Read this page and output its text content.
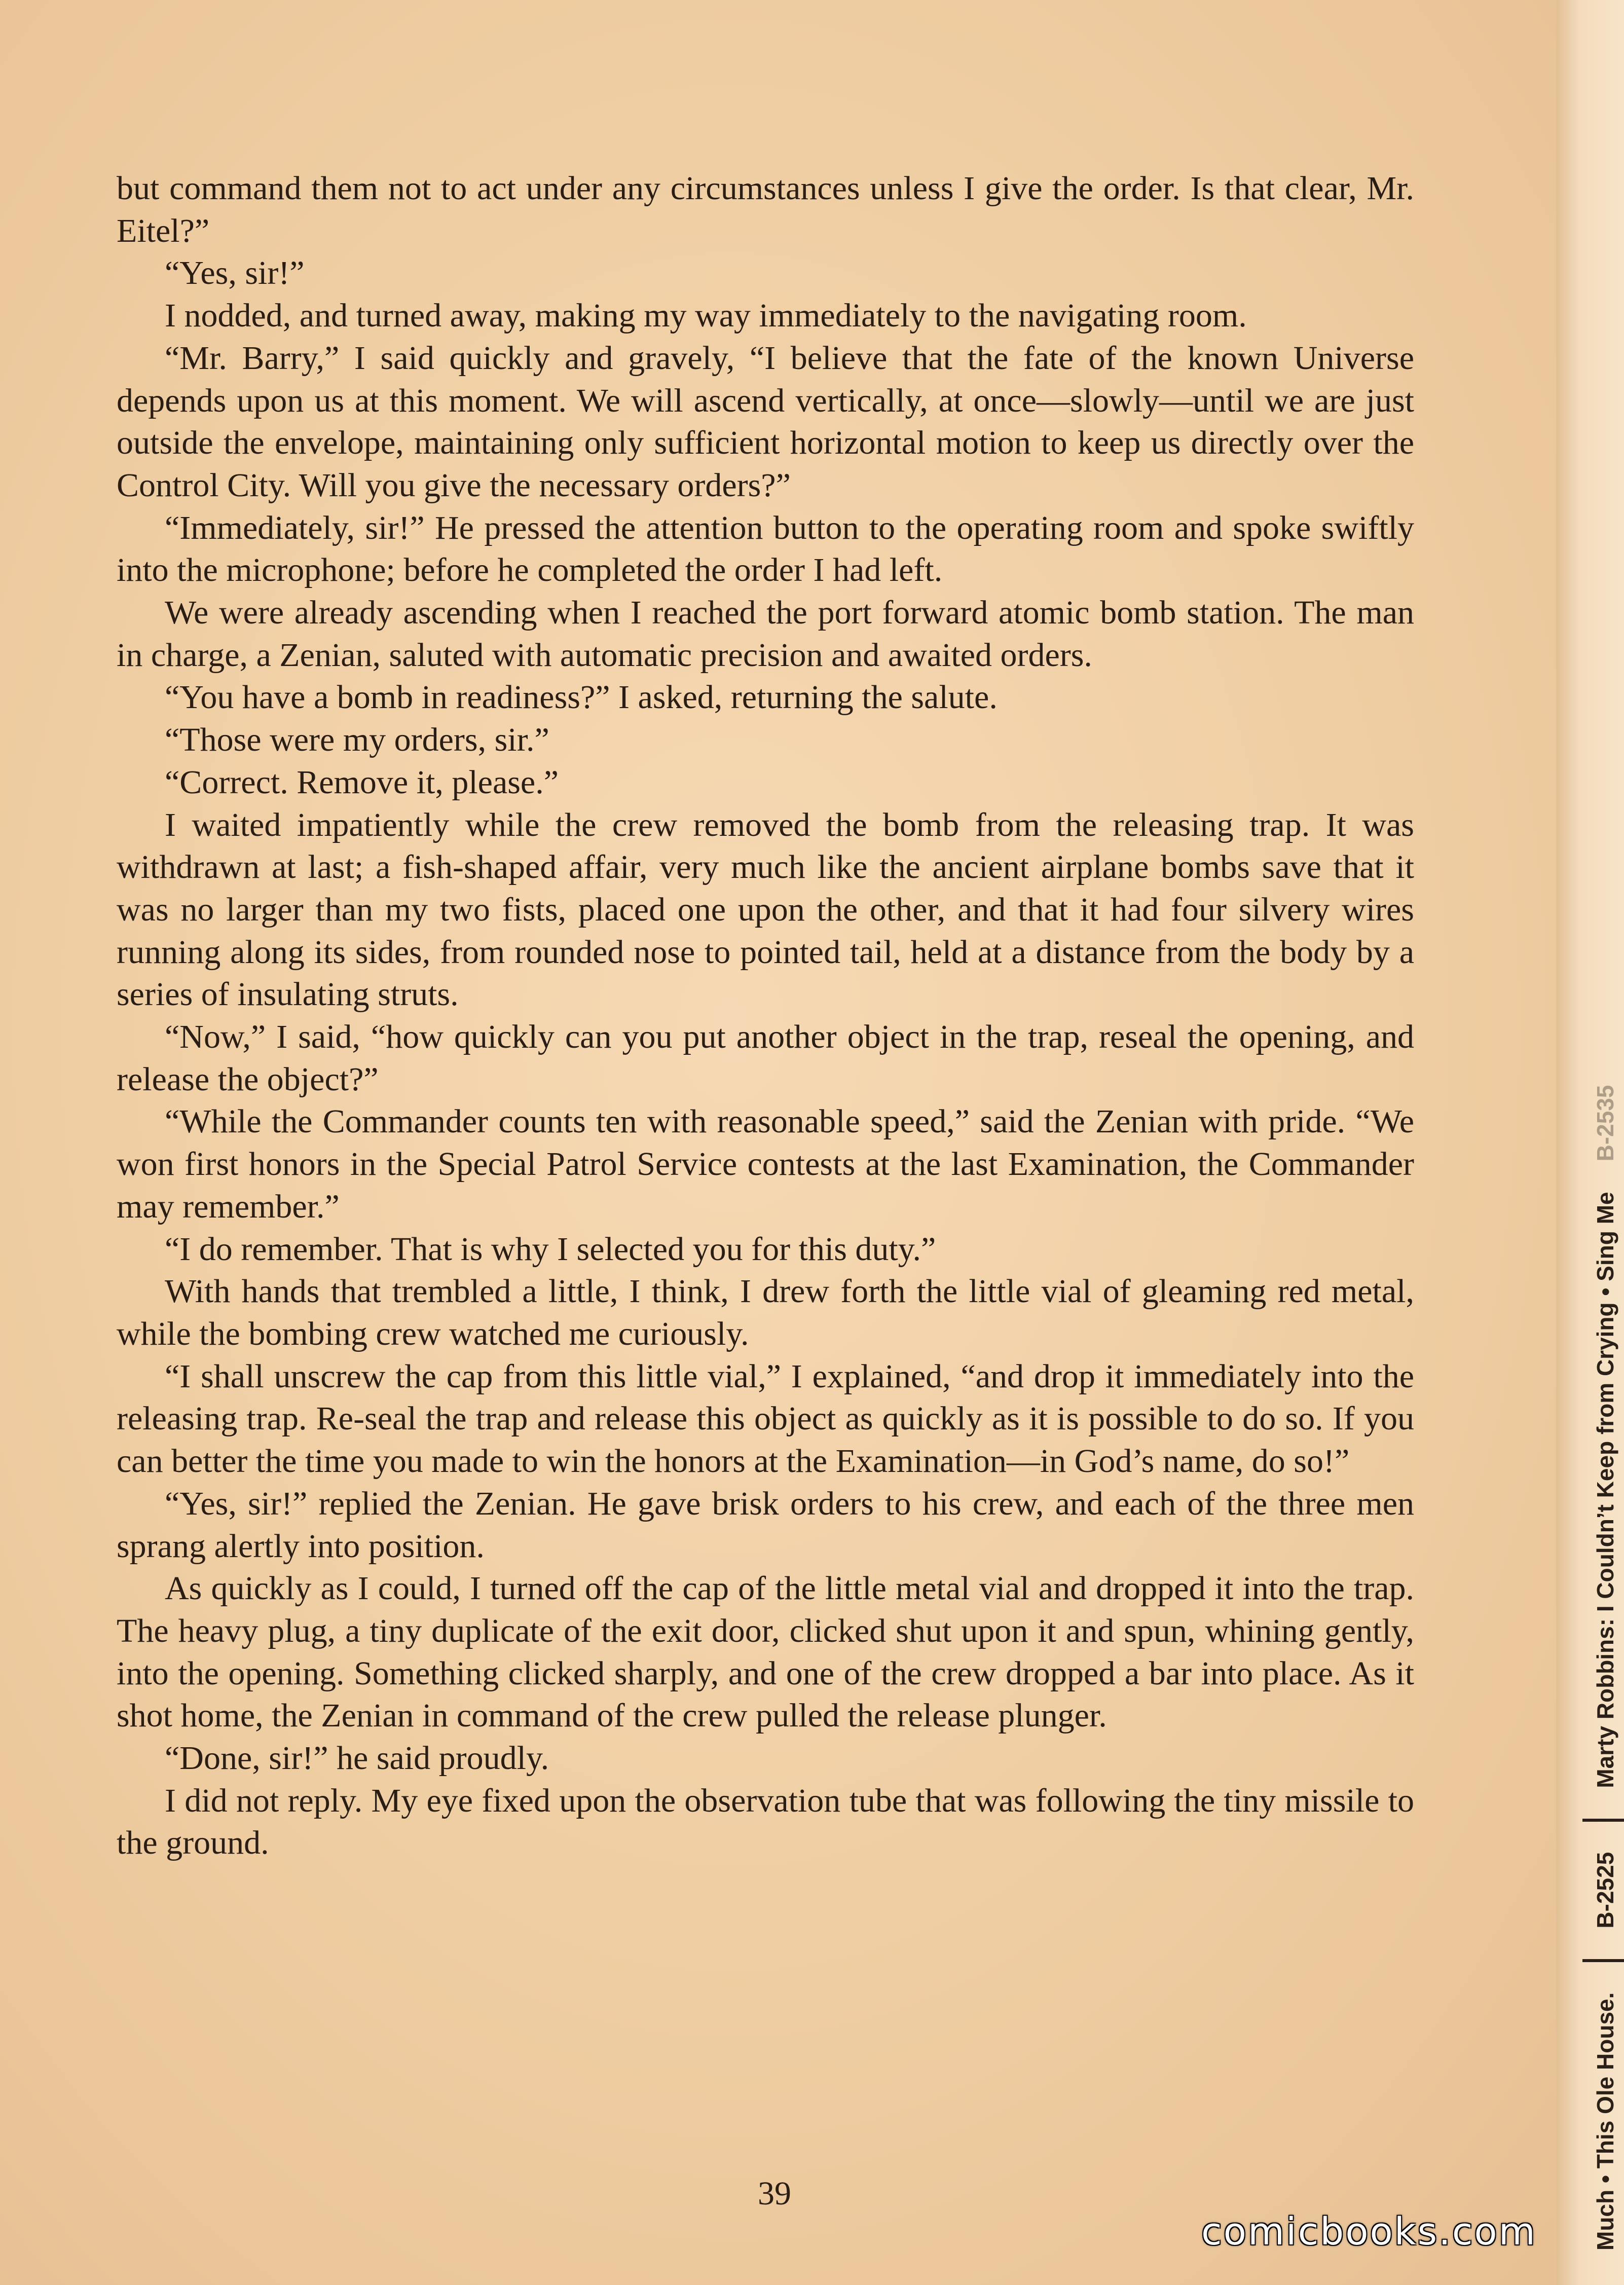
but command them not to act under any circumstances unless I give the order. Is that clear, Mr. Eitel?”

“Yes, sir!”

I nodded, and turned away, making my way immediately to the navigating room.

“Mr. Barry,” I said quickly and gravely, “I believe that the fate of the known Universe depends upon us at this moment. We will ascend vertically, at once—slowly—until we are just outside the envelope, maintaining only sufficient horizontal motion to keep us directly over the Control City. Will you give the necessary orders?”

“Immediately, sir!” He pressed the attention button to the operating room and spoke swiftly into the microphone; before he completed the order I had left.

We were already ascending when I reached the port forward atomic bomb station. The man in charge, a Zenian, saluted with automatic precision and awaited orders.

“You have a bomb in readiness?” I asked, returning the salute.

“Those were my orders, sir.”

“Correct. Remove it, please.”

I waited impatiently while the crew removed the bomb from the releasing trap. It was withdrawn at last; a fish-shaped affair, very much like the ancient airplane bombs save that it was no larger than my two fists, placed one upon the other, and that it had four silvery wires running along its sides, from rounded nose to pointed tail, held at a distance from the body by a series of insulating struts.

“Now,” I said, “how quickly can you put another object in the trap, reseal the opening, and release the object?”

“While the Commander counts ten with reasonable speed,” said the Zenian with pride. “We won first honors in the Special Patrol Service contests at the last Examination, the Commander may remember.”

“I do remember. That is why I selected you for this duty.”

With hands that trembled a little, I think, I drew forth the little vial of gleaming red metal, while the bombing crew watched me curiously.

“I shall unscrew the cap from this little vial,” I explained, “and drop it immediately into the releasing trap. Re-seal the trap and release this object as quickly as it is possible to do so. If you can better the time you made to win the honors at the Examination—in God’s name, do so!”

“Yes, sir!” replied the Zenian. He gave brisk orders to his crew, and each of the three men sprang alertly into position.

As quickly as I could, I turned off the cap of the little metal vial and dropped it into the trap. The heavy plug, a tiny duplicate of the exit door, clicked shut upon it and spun, whining gently, into the opening. Something clicked sharply, and one of the crew dropped a bar into place. As it shot home, the Zenian in command of the crew pulled the release plunger.

“Done, sir!” he said proudly.

I did not reply. My eye fixed upon the observation tube that was following the tiny missile to the ground.

39	Much • This Ole House.
B-2525
Marty Robbins: I Couldn’t Keep from Crying • Sing Me
B-2535
comicbooks.com
